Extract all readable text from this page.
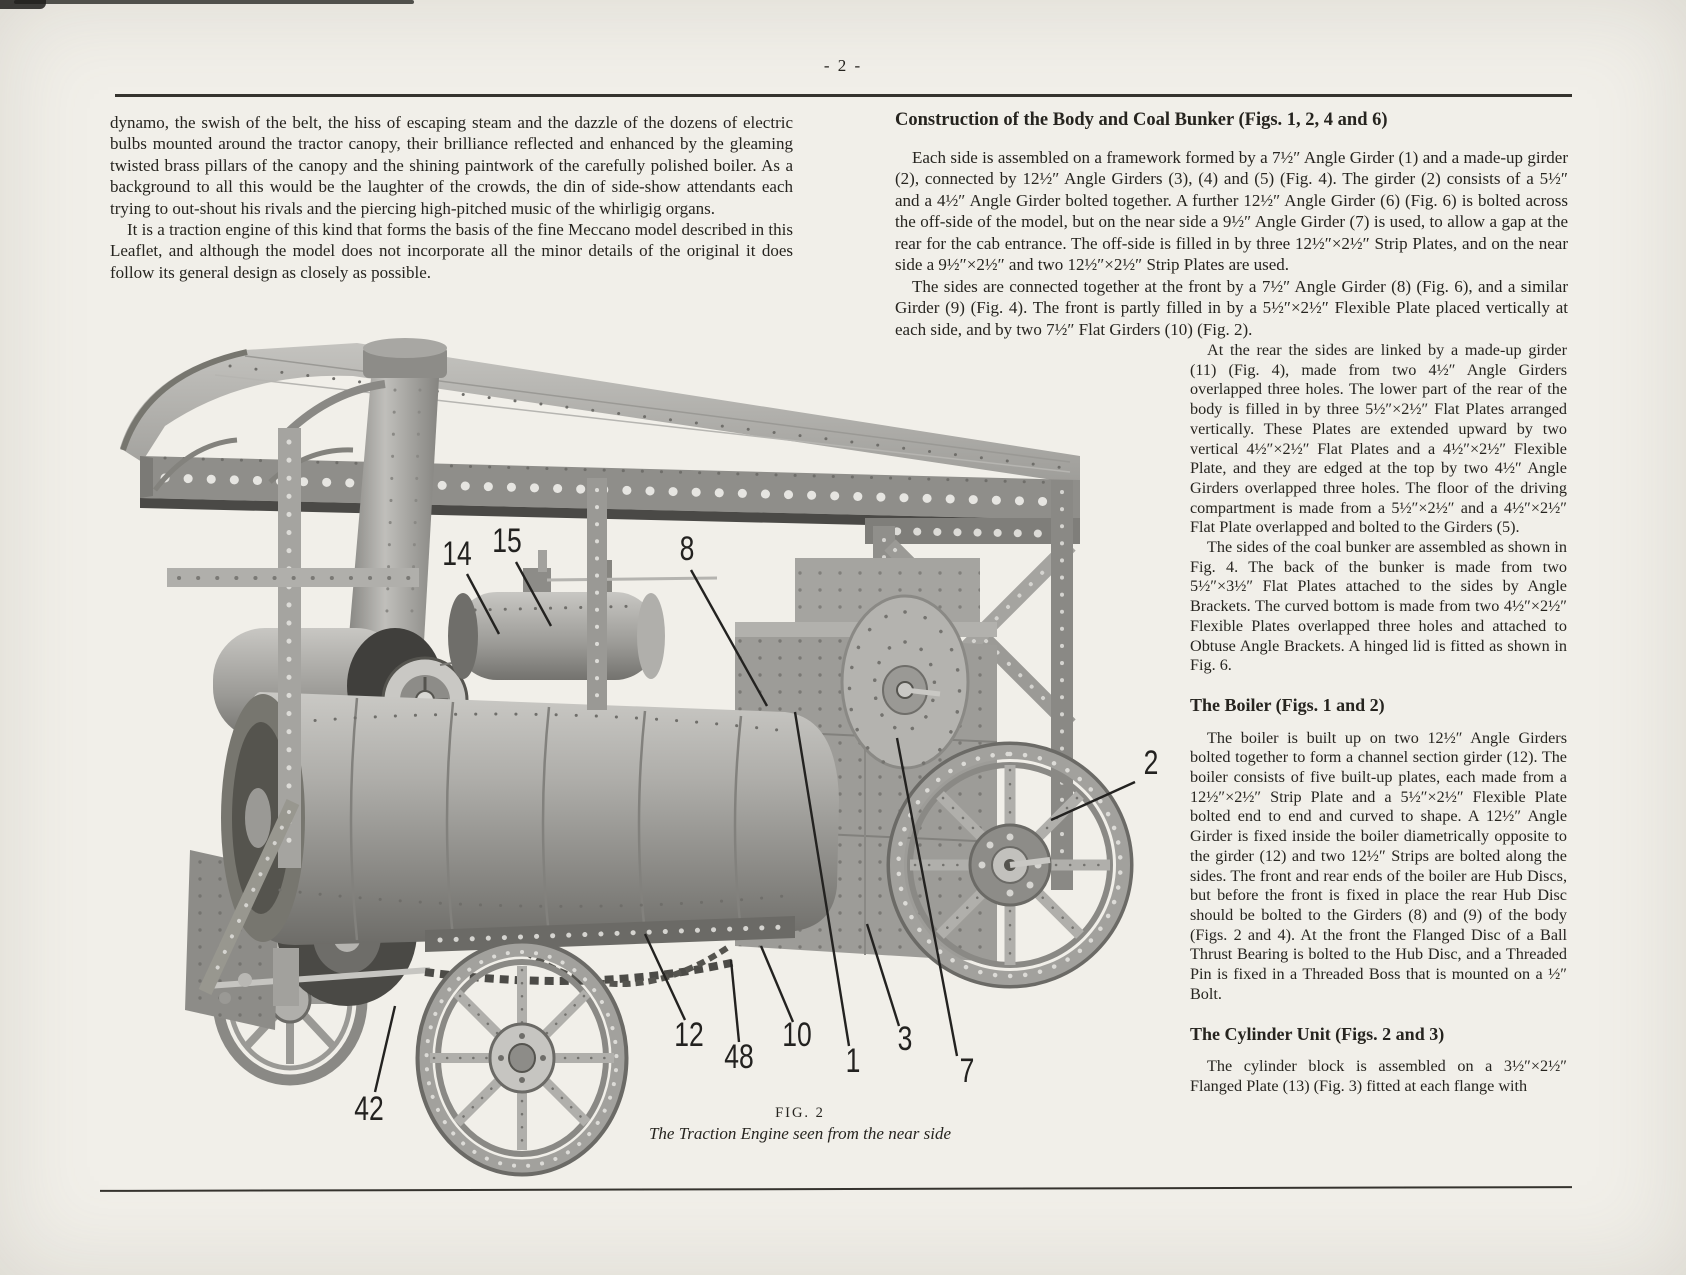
- 2 -

dynamo, the swish of the belt, the hiss of escaping steam and the dazzle of the dozens of electric bulbs mounted around the tractor canopy, their brilliance reflected and enhanced by the gleaming twisted brass pillars of the canopy and the shining paintwork of the carefully polished boiler. As a background to all this would be the laughter of the crowds, the din of side-show attendants each trying to out-shout his rivals and the piercing high-pitched music of the whirligig organs.

It is a traction engine of this kind that forms the basis of the fine Meccano model described in this Leaflet, and although the model does not incorporate all the minor details of the original it does follow its general design as closely as possible.

Construction of the Body and Coal Bunker (Figs. 1, 2, 4 and 6)

Each side is assembled on a framework formed by a 7½″ Angle Girder (1) and a made-up girder (2), connected by 12½″ Angle Girders (3), (4) and (5) (Fig. 4). The girder (2) consists of a 5½″ and a 4½″ Angle Girder bolted together. A further 12½″ Angle Girder (6) (Fig. 6) is bolted across the off-side of the model, but on the near side a 9½″ Angle Girder (7) is used, to allow a gap at the rear for the cab entrance. The off-side is filled in by three 12½″×2½″ Strip Plates, and on the near side a 9½″×2½″ and two 12½″×2½″ Strip Plates are used.

The sides are connected together at the front by a 7½″ Angle Girder (8) (Fig. 6), and a similar Girder (9) (Fig. 4). The front is partly filled in by a 5½″×2½″ Flexible Plate placed vertically at each side, and by two 7½″ Flat Girders (10) (Fig. 2).

At the rear the sides are linked by a made-up girder (11) (Fig. 4), made from two 4½″ Angle Girders overlapped three holes. The lower part of the rear of the body is filled in by three 5½″×2½″ Flat Plates arranged vertically. These Plates are extended upward by two vertical 4½″×2½″ Flat Plates and a 4½″×2½″ Flexible Plate, and they are edged at the top by two 4½″ Angle Girders overlapped three holes. The floor of the driving compartment is made from a 5½″×2½″ and a 4½″×2½″ Flat Plate overlapped and bolted to the Girders (5).

The sides of the coal bunker are assembled as shown in Fig. 4. The back of the bunker is made from two 5½″×3½″ Flat Plates attached to the sides by Angle Brackets. The curved bottom is made from two 4½″×2½″ Flexible Plates overlapped three holes and attached to Obtuse Angle Brackets. A hinged lid is fitted as shown in Fig. 6.

The Boiler (Figs. 1 and 2)

The boiler is built up on two 12½″ Angle Girders bolted together to form a channel section girder (12). The boiler consists of five built-up plates, each made from a 12½″×2½″ Strip Plate and a 5½″×2½″ Flexible Plate bolted end to end and curved to shape. A 12½″ Angle Girder is fixed inside the boiler diametrically opposite to the girder (12) and two 12½″ Strips are bolted along the sides. The front and rear ends of the boiler are Hub Discs, but before the front is fixed in place the rear Hub Disc should be bolted to the Girders (8) and (9) of the body (Figs. 2 and 4). At the front the Flanged Disc of a Ball Thrust Bearing is bolted to the Hub Disc, and a Threaded Pin is fixed in a Threaded Boss that is mounted on a ½″ Bolt.

The Cylinder Unit (Figs. 2 and 3)

The cylinder block is assembled on a 3½″×2½″ Flanged Plate (13) (Fig. 3) fitted at each flange with

14 15	8
2
12
48
10
1
3
7
42	FIG. 2
The Traction Engine seen from the near side
